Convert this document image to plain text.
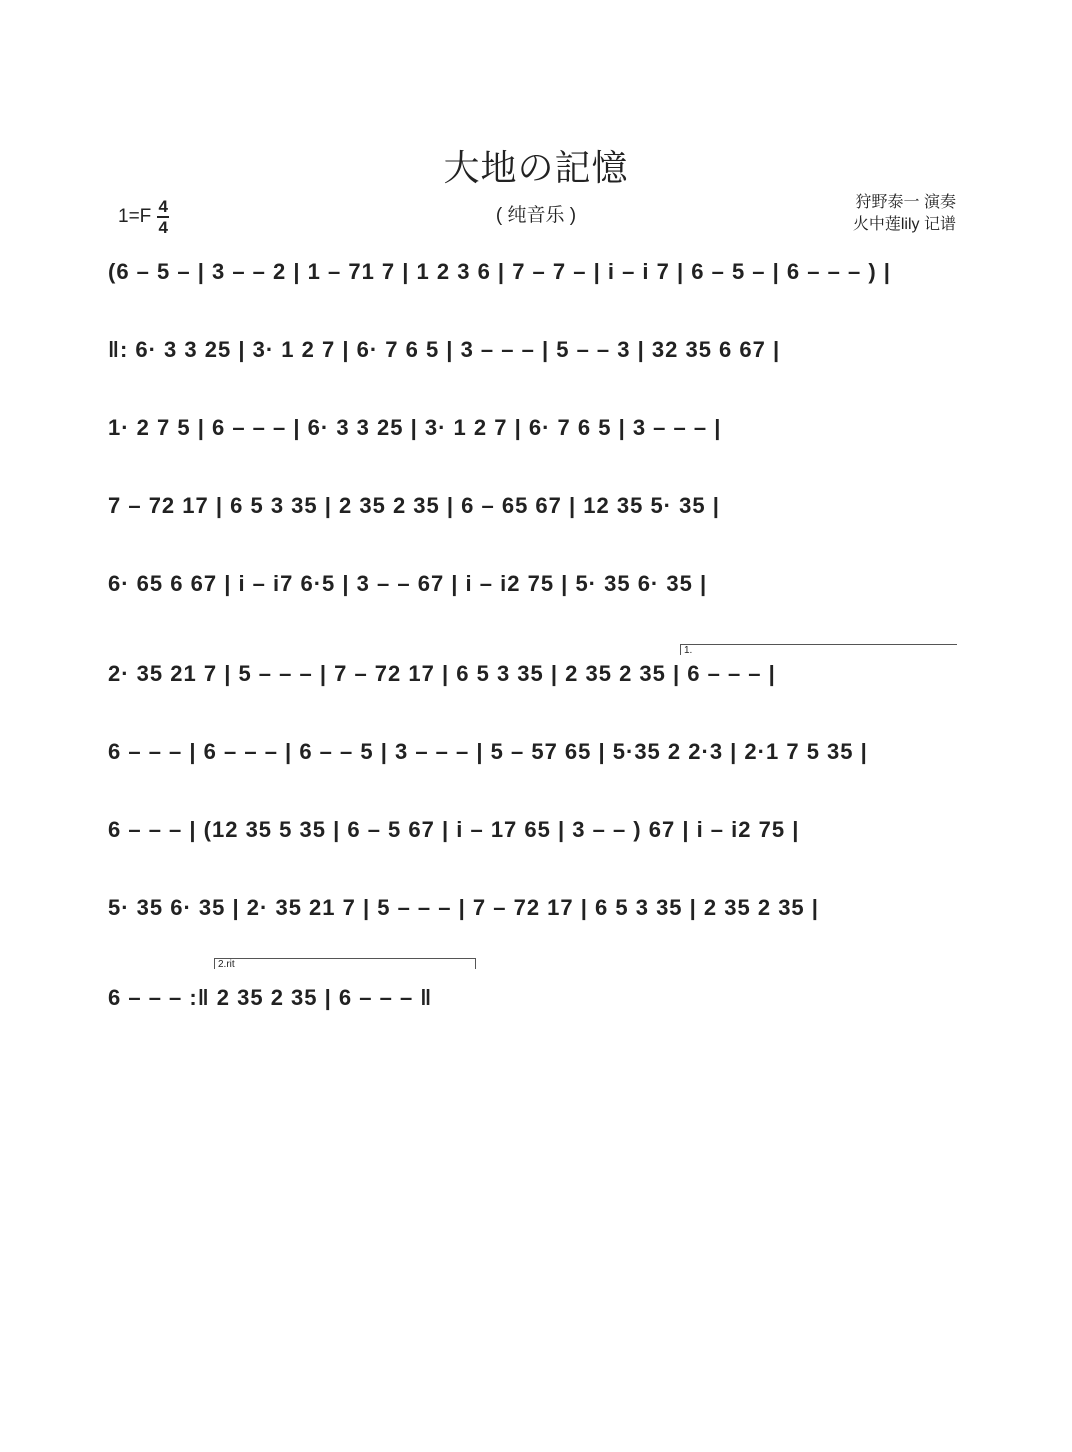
大地の記憶
( 纯音乐 )
1=F 4
4
狩野泰一 演奏
火中莲lily 记谱
(6 – 5 – | 3 – – 2 | 1 – 71 7 | 1 2 3 6 | 7 – 7 – | i – i 7 | 6 – 5 – | 6 – – – ) |
‖: 6· 3 3 25 | 3· 1 2 7 | 6· 7 6 5 | 3 – – – | 5 – – 3 | 32 35 6 67 |
1· 2 7 5 | 6 – – – | 6· 3 3 25 | 3· 1 2 7 | 6· 7 6 5 | 3 – – – |
7 – 72 17 | 6 5 3 35 | 2 35 2 35 | 6 – 65 67 | 12 35 5· 35 |
6· 65 6 67 | i – i7 6·5 | 3 – – 67 | i – i2 75 | 5· 35 6· 35 |
1.
2· 35 21 7 | 5 – – – | 7 – 72 17 | 6 5 3 35 | 2 35 2 35 | 6 – – – |
6 – – – | 6 – – – | 6 – – 5 | 3 – – – | 5 – 57 65 | 5·35 2 2·3 | 2·1 7 5 35 |
6 – – – | (12 35 5 35 | 6 – 5 67 | i – 17 65 | 3 – – ) 67 | i – i2 75 |
5· 35 6· 35 | 2· 35 21 7 | 5 – – – | 7 – 72 17 | 6 5 3 35 | 2 35 2 35 |
2.rit
6 – – – :‖ 2 35 2 35 | 6 – – – ‖
